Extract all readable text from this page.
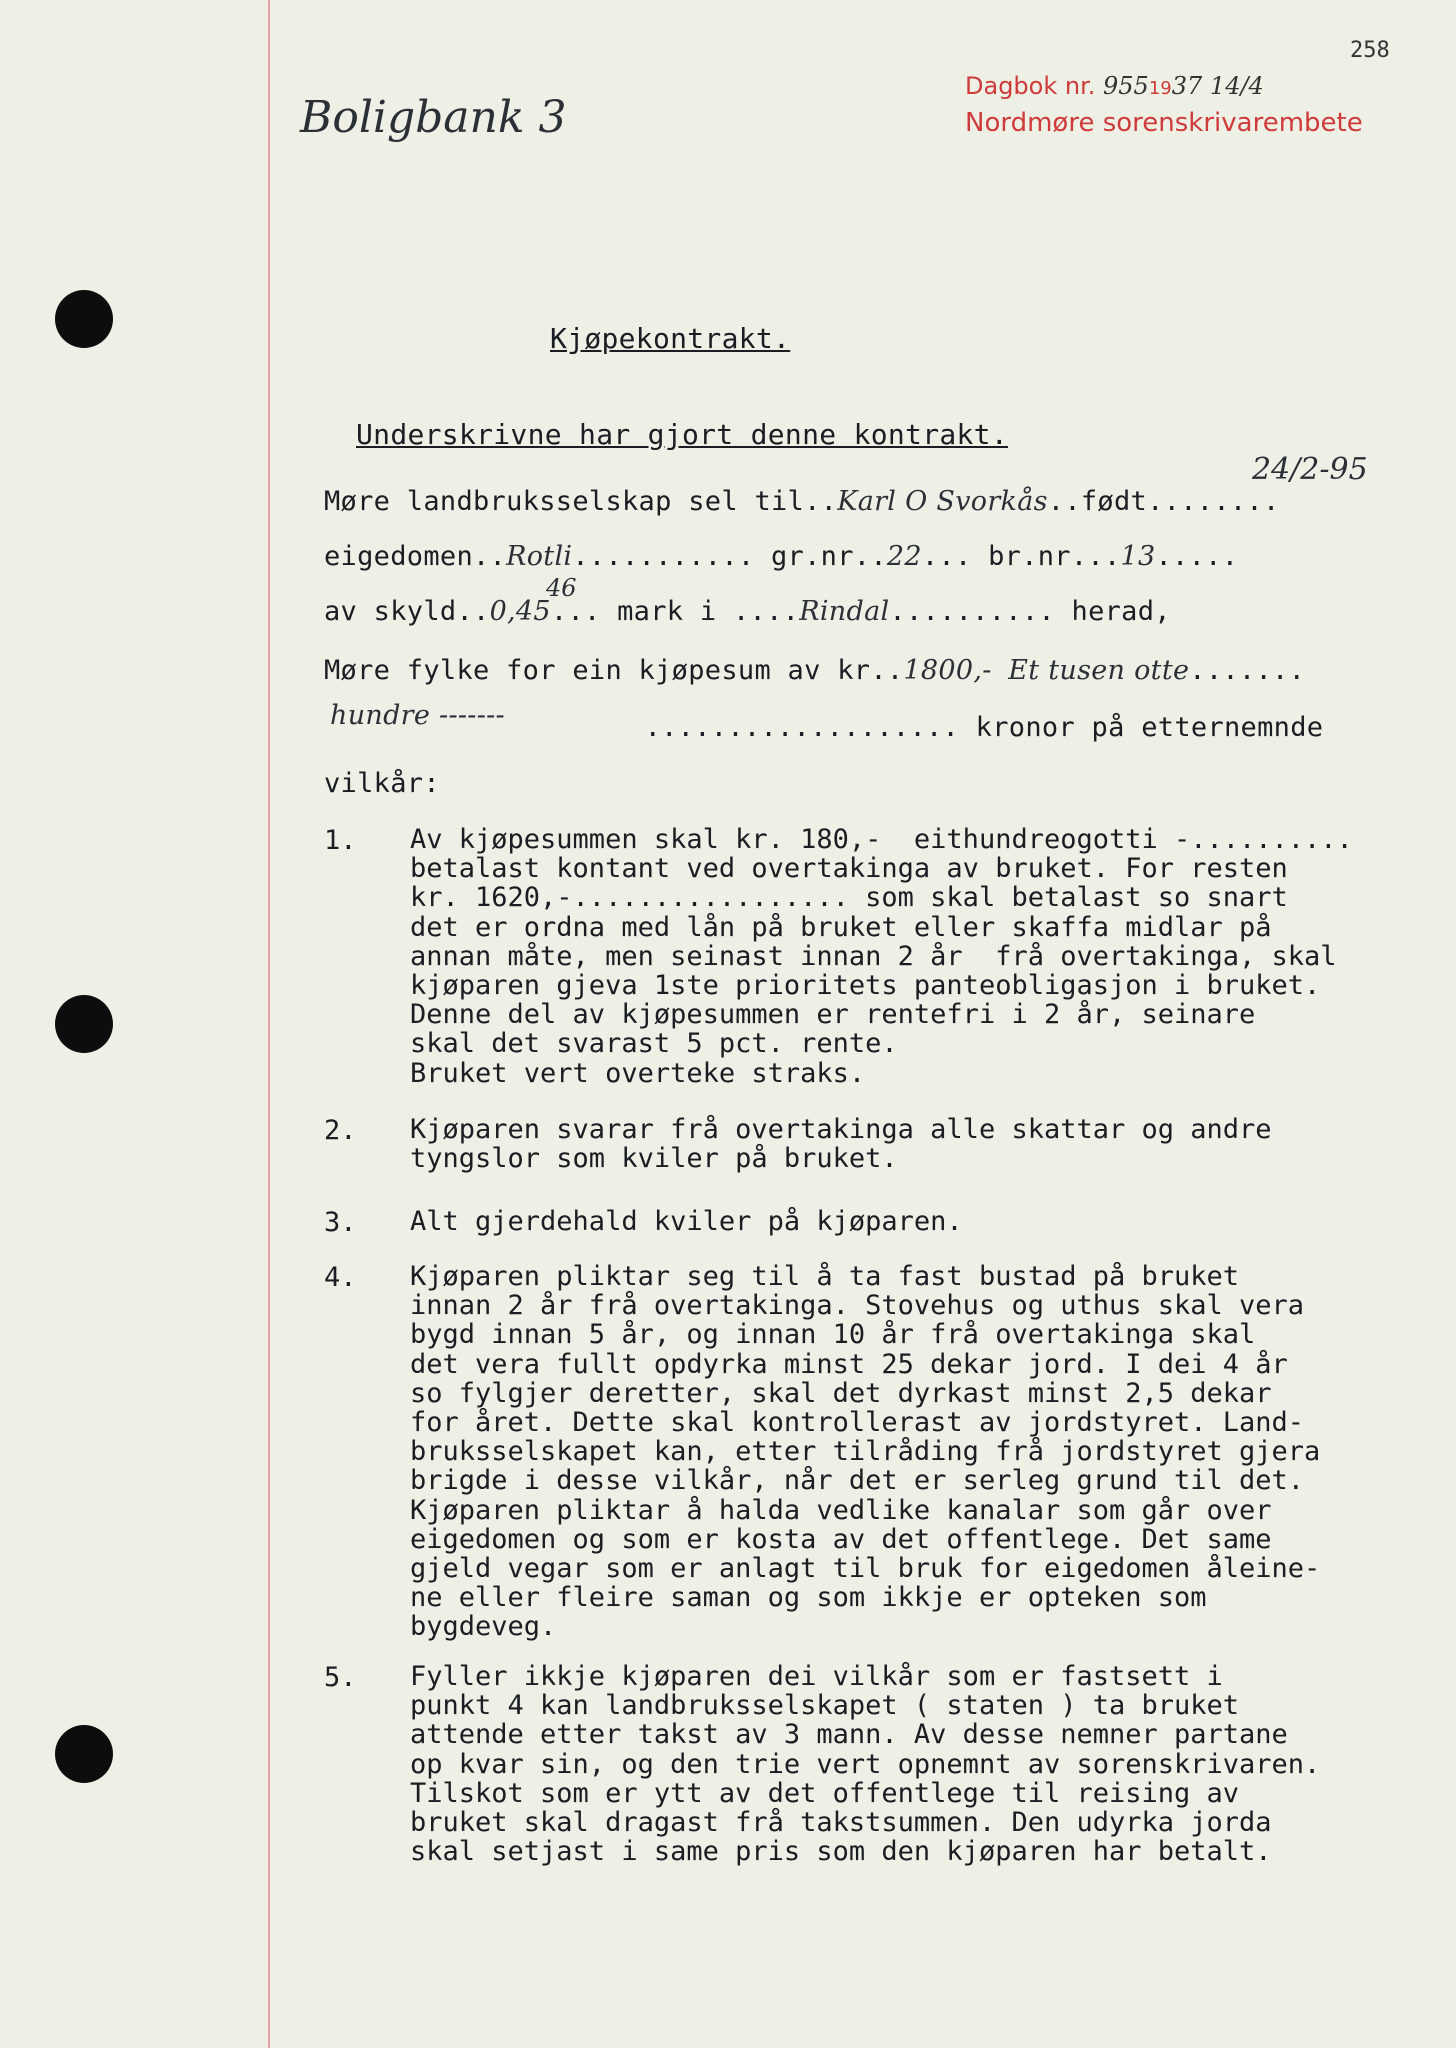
258
Dagbok nr. 9551937 14/4
Nordmøre sorenskrivarembete
Boligbank 3
24/2-95
Kjøpekontrakt.
Underskrivne har gjort denne kontrakt.
Møre landbruksselskap sel til..Karl O Svorkås..født........
eigedomen..Rotli........... gr.nr..22... br.nr...13.....
46
av skyld..0,45... mark i ....Rindal.......... herad,
Møre fylke for ein kjøpesum av kr..1800,- Et tusen otte.......
hundre -------	................... kronor på etternemnde
vilkår:
1. Av kjøpesummen skal kr. 180,-  eithundreogotti -..........
betalast kontant ved overtakinga av bruket. For resten
kr. 1620,-................. som skal betalast so snart
det er ordna med lån på bruket eller skaffa midlar på
annan måte, men seinast innan 2 år  frå overtakinga, skal
kjøparen gjeva 1ste prioritets panteobligasjon i bruket.
Denne del av kjøpesummen er rentefri i 2 år, seinare
skal det svarast 5 pct. rente.
Bruket vert overteke straks.
2. Kjøparen svarar frå overtakinga alle skattar og andre
tyngslor som kviler på bruket.
3. Alt gjerdehald kviler på kjøparen.
4. Kjøparen pliktar seg til å ta fast bustad på bruket
innan 2 år frå overtakinga. Stovehus og uthus skal vera
bygd innan 5 år, og innan 10 år frå overtakinga skal
det vera fullt opdyrka minst 25 dekar jord. I dei 4 år
so fylgjer deretter, skal det dyrkast minst 2,5 dekar
for året. Dette skal kontrollerast av jordstyret. Land-
bruksselskapet kan, etter tilråding frå jordstyret gjera
brigde i desse vilkår, når det er serleg grund til det.
Kjøparen pliktar å halda vedlike kanalar som går over
eigedomen og som er kosta av det offentlege. Det same
gjeld vegar som er anlagt til bruk for eigedomen åleine-
ne eller fleire saman og som ikkje er opteken som
bygdeveg.
5. Fyller ikkje kjøparen dei vilkår som er fastsett i
punkt 4 kan landbruksselskapet ( staten ) ta bruket
attende etter takst av 3 mann. Av desse nemner partane
op kvar sin, og den trie vert opnemnt av sorenskrivaren.
Tilskot som er ytt av det offentlege til reising av
bruket skal dragast frå takstsummen. Den udyrka jorda
skal setjast i same pris som den kjøparen har betalt.
